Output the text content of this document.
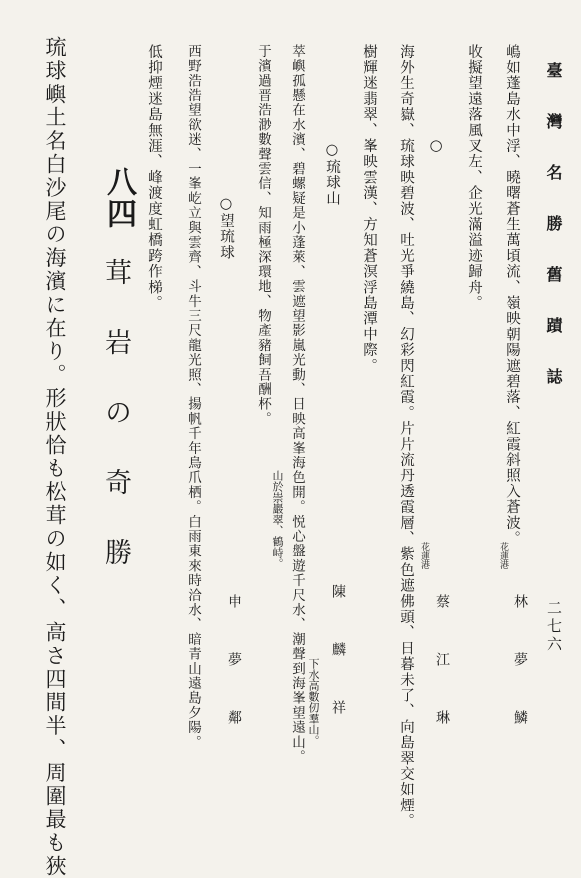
臺 灣 名 勝 舊 蹟 誌
二七六
嶋如蓬島水中浮、曉曙蒼生萬頃流、嶺映朝陽遮碧落、紅霞斜照入蒼波。
花蓮港
林 夢 鱗
收擬望遠落風叉左、企光滿溢迹歸舟。
○
花蓮港
蔡 江 琳
海外生奇嶽、琉球映碧波、吐光爭繞島、幻彩閃紅霞。片片流丹透霞層、紫色遮佛頭、日暮未了、向島翠交如煙。
樹輝迷翡翠、峯映雲漢、方知蒼溟浮島潭中際。
○琉球山
陳 麟 祥
萃嶼孤懸在水濱、碧螺疑是小蓬萊、雲遮望影嵐光動、日映高峯海色開。悦心盤遊千尺水、潮聲到海峯望遠山。 下水高數仞羣山。
于濱過晋浩渺數聲雲信、知雨極深環地、物產豬飼吾酬杯。
山於崇巖翠、鶴峙。
○望琉球
申 夢 鄰
西野浩浩望欲迷、一峯屹立與雲齊、斗牛三尺龍光照、揚帆千年鳥爪栖。白雨東來時洽水、暗青山遠島夕陽。
低抑煙迷島無涯、峰渡度虹橋跨作梯。
八四
茸 岩 の 奇 勝
琉球嶼土名白沙尾の海濱に在り。形狀恰も松茸の如く、高さ四間半、周圍最も狹
